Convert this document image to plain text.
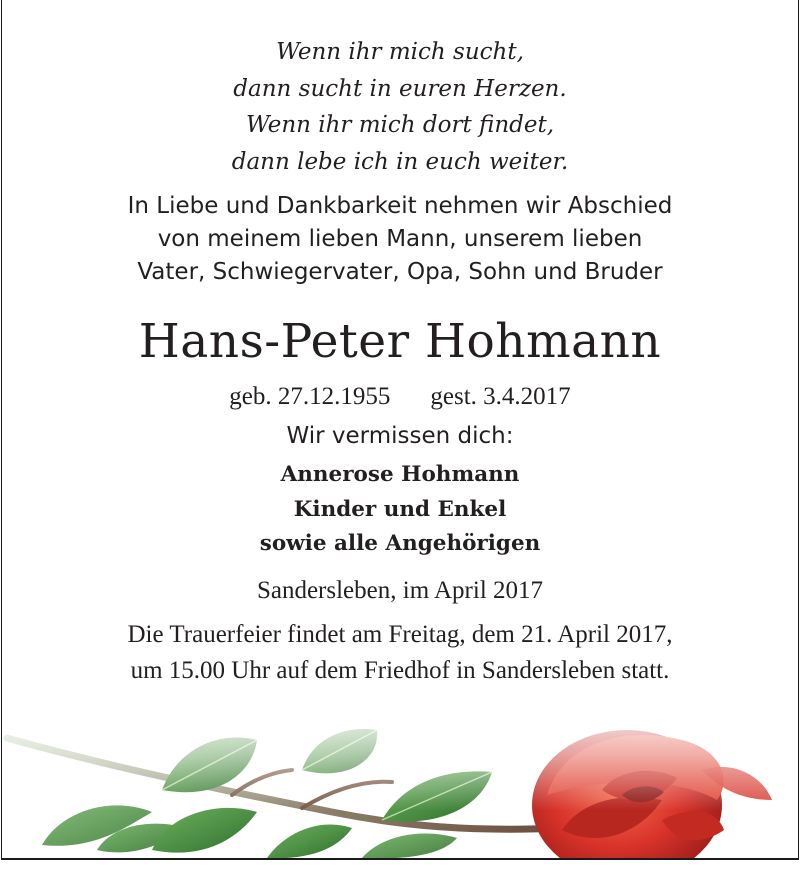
Wenn ihr mich sucht,
dann sucht in euren Herzen.
Wenn ihr mich dort findet,
dann lebe ich in euch weiter.
In Liebe und Dankbarkeit nehmen wir Abschied
von meinem lieben Mann, unserem lieben
Vater, Schwiegervater, Opa, Sohn und Bruder
Hans-Peter Hohmann
geb. 27.12.1955 gest. 3.4.2017
Wir vermissen dich:
Annerose Hohmann
Kinder und Enkel
sowie alle Angehörigen
Sandersleben, im April 2017
Die Trauerfeier findet am Freitag, dem 21. April 2017,
um 15.00 Uhr auf dem Friedhof in Sandersleben statt.
